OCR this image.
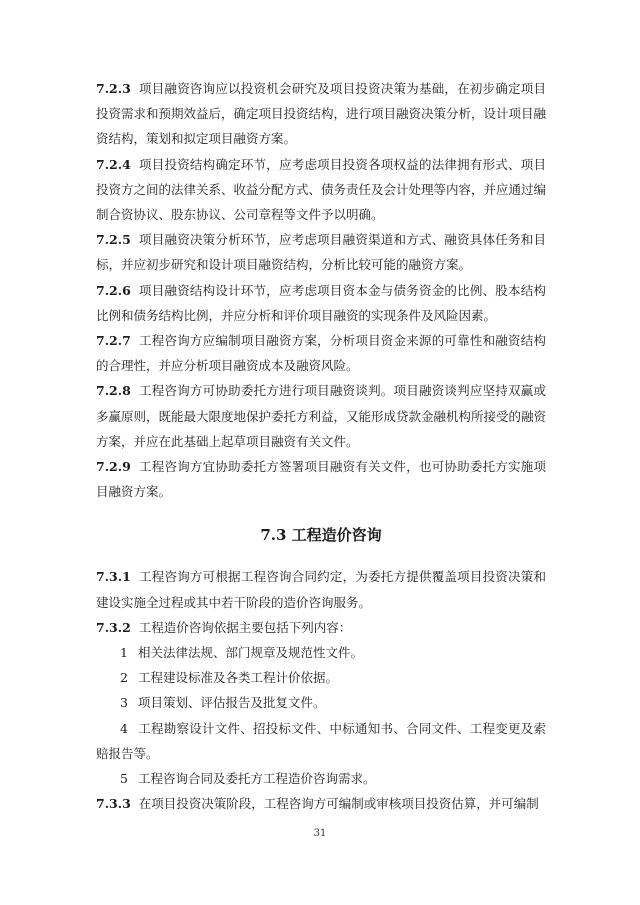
7.2.3 项目融资咨询应以投资机会研究及项目投资决策为基础，在初步确定项目投资需求和预期效益后，确定项目投资结构，进行项目融资决策分析，设计项目融资结构，策划和拟定项目融资方案。

7.2.4 项目投资结构确定环节，应考虑项目投资各项权益的法律拥有形式、项目投资方之间的法律关系、收益分配方式、债务责任及会计处理等内容，并应通过编制合资协议、股东协议、公司章程等文件予以明确。

7.2.5 项目融资决策分析环节，应考虑项目融资渠道和方式、融资具体任务和目标，并应初步研究和设计项目融资结构，分析比较可能的融资方案。

7.2.6 项目融资结构设计环节，应考虑项目资本金与债务资金的比例、股本结构比例和债务结构比例，并应分析和评价项目融资的实现条件及风险因素。

7.2.7 工程咨询方应编制项目融资方案，分析项目资金来源的可靠性和融资结构的合理性，并应分析项目融资成本及融资风险。

7.2.8 工程咨询方可协助委托方进行项目融资谈判。项目融资谈判应坚持双赢或多赢原则，既能最大限度地保护委托方利益，又能形成贷款金融机构所接受的融资方案，并应在此基础上起草项目融资有关文件。

7.2.9 工程咨询方宜协助委托方签署项目融资有关文件，也可协助委托方实施项目融资方案。

7.3 工程造价咨询

7.3.1 工程咨询方可根据工程咨询合同约定，为委托方提供覆盖项目投资决策和建设实施全过程或其中若干阶段的造价咨询服务。

7.3.2 工程造价咨询依据主要包括下列内容：

1 相关法律法规、部门规章及规范性文件。

2 工程建设标准及各类工程计价依据。

3 项目策划、评估报告及批复文件。

4 工程勘察设计文件、招投标文件、中标通知书、合同文件、工程变更及索赔报告等。

5 工程咨询合同及委托方工程造价咨询需求。

7.3.3 在项目投资决策阶段，工程咨询方可编制或审核项目投资估算，并可编制

31
